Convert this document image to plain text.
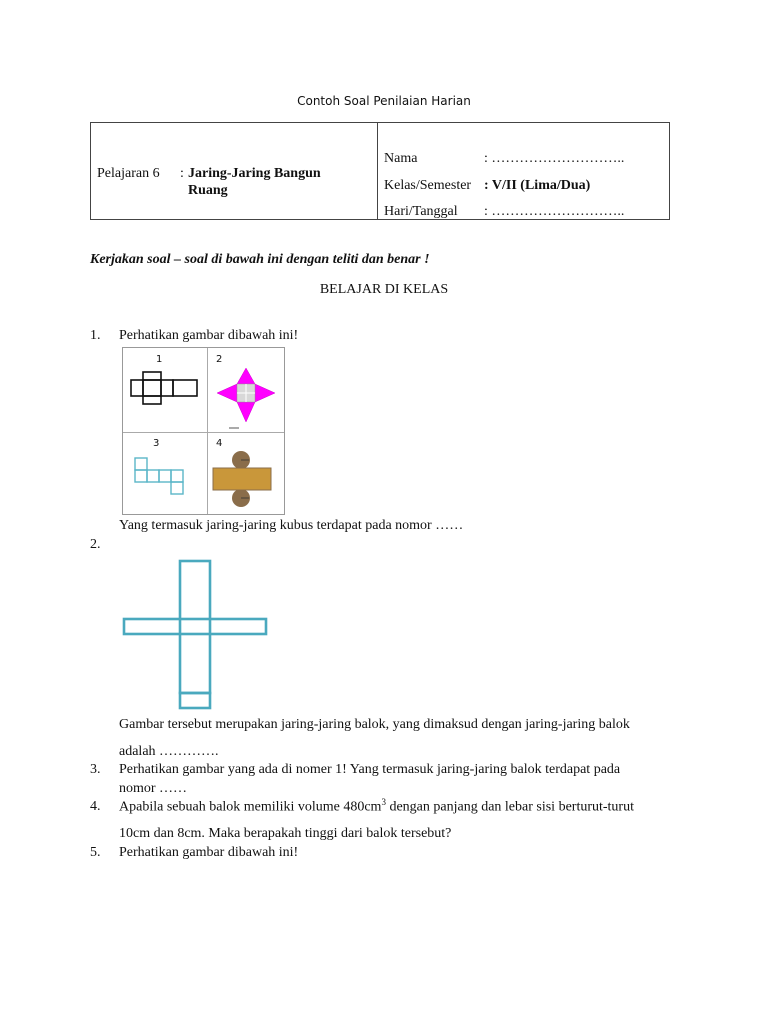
Contoh Soal Penilaian Harian
Pelajaran 6 : Jaring-Jaring Bangun
Ruang
Nama	: ………………………..
Kelas/Semester : V/II (Lima/Dua)
Hari/Tanggal : ………………………..
Kerjakan soal – soal di bawah ini dengan teliti dan benar !
BELAJAR DI KELAS
1. Perhatikan gambar dibawah ini!
1	2
3	4
Yang termasuk jaring-jaring kubus terdapat pada nomor ……
2.
Gambar tersebut merupakan jaring-jaring balok, yang dimaksud dengan jaring-jaring balok
adalah ………….
3. Perhatikan gambar yang ada di nomer 1! Yang termasuk jaring-jaring balok terdapat pada
nomor ……
4. Apabila sebuah balok memiliki volume $480cm^3$ dengan panjang dan lebar sisi berturut-turut
10cm dan 8cm. Maka berapakah tinggi dari balok tersebut?
5. Perhatikan gambar dibawah ini!
